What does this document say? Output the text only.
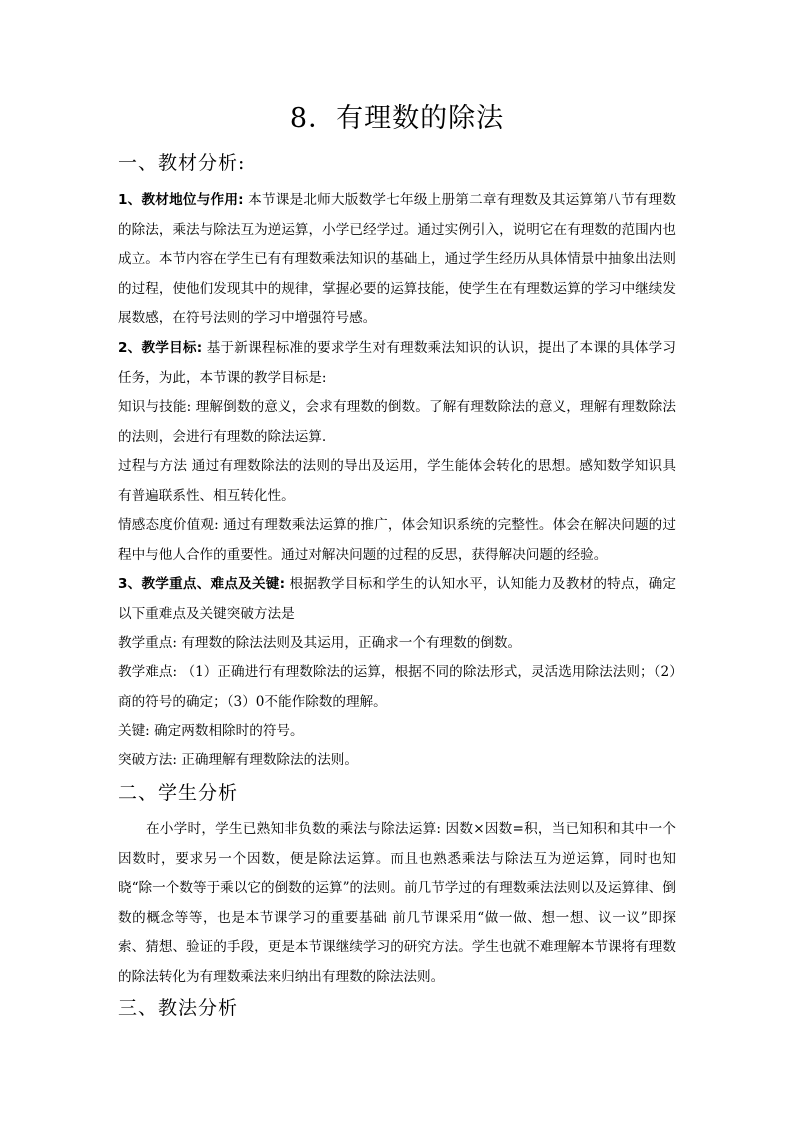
8．有理数的除法
一、教材分析:
1、教材地位与作用: 本节课是北师大版数学七年级上册第二章有理数及其运算第八节有理数的除法，乘法与除法互为逆运算，小学已经学过。通过实例引入，说明它在有理数的范围内也成立。本节内容在学生已有有理数乘法知识的基础上，通过学生经历从具体情景中抽象出法则的过程，使他们发现其中的规律，掌握必要的运算技能，使学生在有理数运算的学习中继续发展数感，在符号法则的学习中增强符号感。
2、教学目标: 基于新课程标准的要求学生对有理数乘法知识的认识，提出了本课的具体学习任务，为此，本节课的教学目标是:
知识与技能: 理解倒数的意义，会求有理数的倒数。了解有理数除法的意义，理解有理数除法的法则，会进行有理数的除法运算.
过程与方法 通过有理数除法的法则的导出及运用，学生能体会转化的思想。感知数学知识具有普遍联系性、相互转化性。
情感态度价值观: 通过有理数乘法运算的推广，体会知识系统的完整性。体会在解决问题的过程中与他人合作的重要性。通过对解决问题的过程的反思，获得解决问题的经验。
3、教学重点、难点及关键: 根据教学目标和学生的认知水平，认知能力及教材的特点，确定以下重难点及关键突破方法是
教学重点: 有理数的除法法则及其运用，正确求一个有理数的倒数。
教学难点: （1）正确进行有理数除法的运算，根据不同的除法形式，灵活选用除法法则；（2）商的符号的确定；（3）0不能作除数的理解。
关键: 确定两数相除时的符号。
突破方法: 正确理解有理数除法的法则。
二、学生分析
在小学时，学生已熟知非负数的乘法与除法运算: 因数×因数=积，当已知积和其中一个因数时，要求另一个因数，便是除法运算。而且也熟悉乘法与除法互为逆运算，同时也知晓“除一个数等于乘以它的倒数的运算”的法则。前几节学过的有理数乘法法则以及运算律、倒数的概念等等，也是本节课学习的重要基础 前几节课采用“做一做、想一想、议一议”即探索、猜想、验证的手段，更是本节课继续学习的研究方法。学生也就不难理解本节课将有理数的除法转化为有理数乘法来归纳出有理数的除法法则。
三、教法分析
